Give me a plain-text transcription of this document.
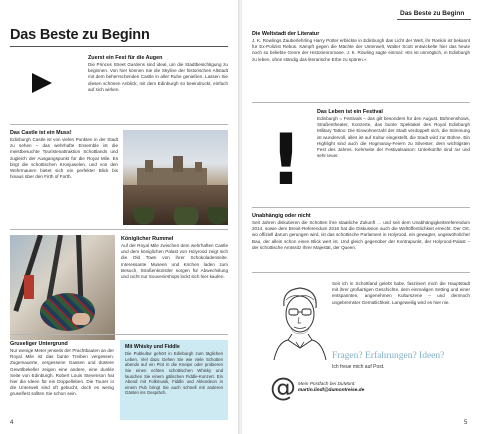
Das Beste zu Beginn
Zuerst ein Fest für die Augen
Die Princes Street Gardens sind ideal, um die Stadtbesichtigung zu beginnen. Von hier können Sie die Skyline der historischen Altstadt mit dem beherrschenden Castle in aller Ruhe genießen. Lassen Sie diesen schönen Anblick, mit dem Edinburgh so beeindruckt, einfach auf sich wirken.
Das Castle ist ein Muss!
Edinburgh Castle ist von vielen Punkten in der Stadt zu sehen – das wehrhafte Ensemble ist die meistbesuchte Touristenattraktion Schottlands und zugleich der Ausgangspunkt für die Royal Mile. Es birgt die schottischen Kronjuwelen, und von den Wehrmauern bietet sich ein perfekter Blick bis hinaus über den Firth of Forth.
Königlicher Rummel
Auf der Royal Mile zwischen dem wehrhaften Castle und dem königlichen Palast von Holyrood zeigt sich die Old Town von ihrer Schokoladenseite. Interessante Museen und Kirchen laden zum Besuch, Straßenkünstler sorgen für Abwechslung und nicht nur Souvenirshops lockt sich hier kaufen.
Gruseliger Untergrund
Nur wenige Meter jenseits der Prachtbauten an der Royal Mile ist das bunte Treiben vergessen: Zugemauerte, vergessene Gassen und düstere Gewölbekeller zeigen eine andere, eine dunkle Seite von Edinburgh. Robert Louis Stevenson hat hier die Ideen für ein Doppelleben. Die Tourer in die Unterwelt sind oft gebucht, doch es wenig gruselfest sollten Sie schon sein.
Mit Whisky und Fiddle
Die Pubkultur gehört in Edinburgh zum täglichen Leben. Viel dazu Gehen Sie wie viele Schotten abends auf ein Pint in die Kneipe oder probieren Sie einen echten schottischen Whisky und lauschen Sie einem gälischen Fiddle-Konzert. Ein Abend mit Folkmusik, Fiddle und Akkordeon in einem Pub bringt Sie auch schnell mit anderen Gästen ins Gespräch.
4
Das Beste zu Beginn
Die Weltstadt der Literatur
J. K. Rowlings Zauberlehrling Harry Potter erblickte in Edinburgh das Licht der Welt, ihr Rankin ist bekannt für Ex-Polizist Rebus. Kämpft gegen die Mächte der Unterwelt, Walter Scott entwickelte hier das heute noch so beliebte Genre der Historienromane. J. K. Rowling sagte einmal: »Es ist unmöglich, in Edinburgh zu leben, ohne ständig das literarische Erbe zu spüren.«
!
Das Leben ist ein Festival
Edinburgh = Festivals – das gilt besonders für den August. Bühnenshows, Straßentheater, Konzerte, das bunte Spektakel des Royal Edinburgh Military Tattoo: Die Einwohnerzahl der Stadt verdoppelt sich, die Stimmung ist wundervoll, alles ist auf Kultur eingestellt, die Stadt wird zur Bühne. Ein Highlight sind auch die Hogmanay-Feiern zu Silvester, dem wichtigsten Fest des Jahres. Kehrseite der Festivalsaison: Unterkünfte sind rar und sehr teuer.
Unabhängig oder nicht
Seit Jahren diskutieren die Schotten ihre staatliche Zukunft … und seit dem Unabhängigkeitsreferendum 2014, sowie dem Brexit-Referendum 2016 hat die Diskussion auch die Weltöffentlichkeit erreicht. Der Ort, wo offiziell darum gerungen wird, ist das schottische Parlament in Holyrood, ein gewagter, ungewöhnlicher Bau, der allein schon einen Blick wert ist. Und gleich gegenüber der Kontrapunkt, der Holyrood-Palast – der schottische Amtssitz Ihrer Majestät, der Queen.
Seit ich in Schottland gelebt habe, fasziniert mich die Hauptstadt mit ihrer großartigen Geschichte, dem einmaligen Setting und einer entspannten, angenehmen Kulturszene – und demnoch ungebremster Gemütlichkeit. Langeweilig wird es hier nie.
Fragen? Erfahrungen? Ideen?
Ich freue mich auf Post.
@ Mein Postfach bei DuMont:
martin.lindl@dumontreise.de
5
